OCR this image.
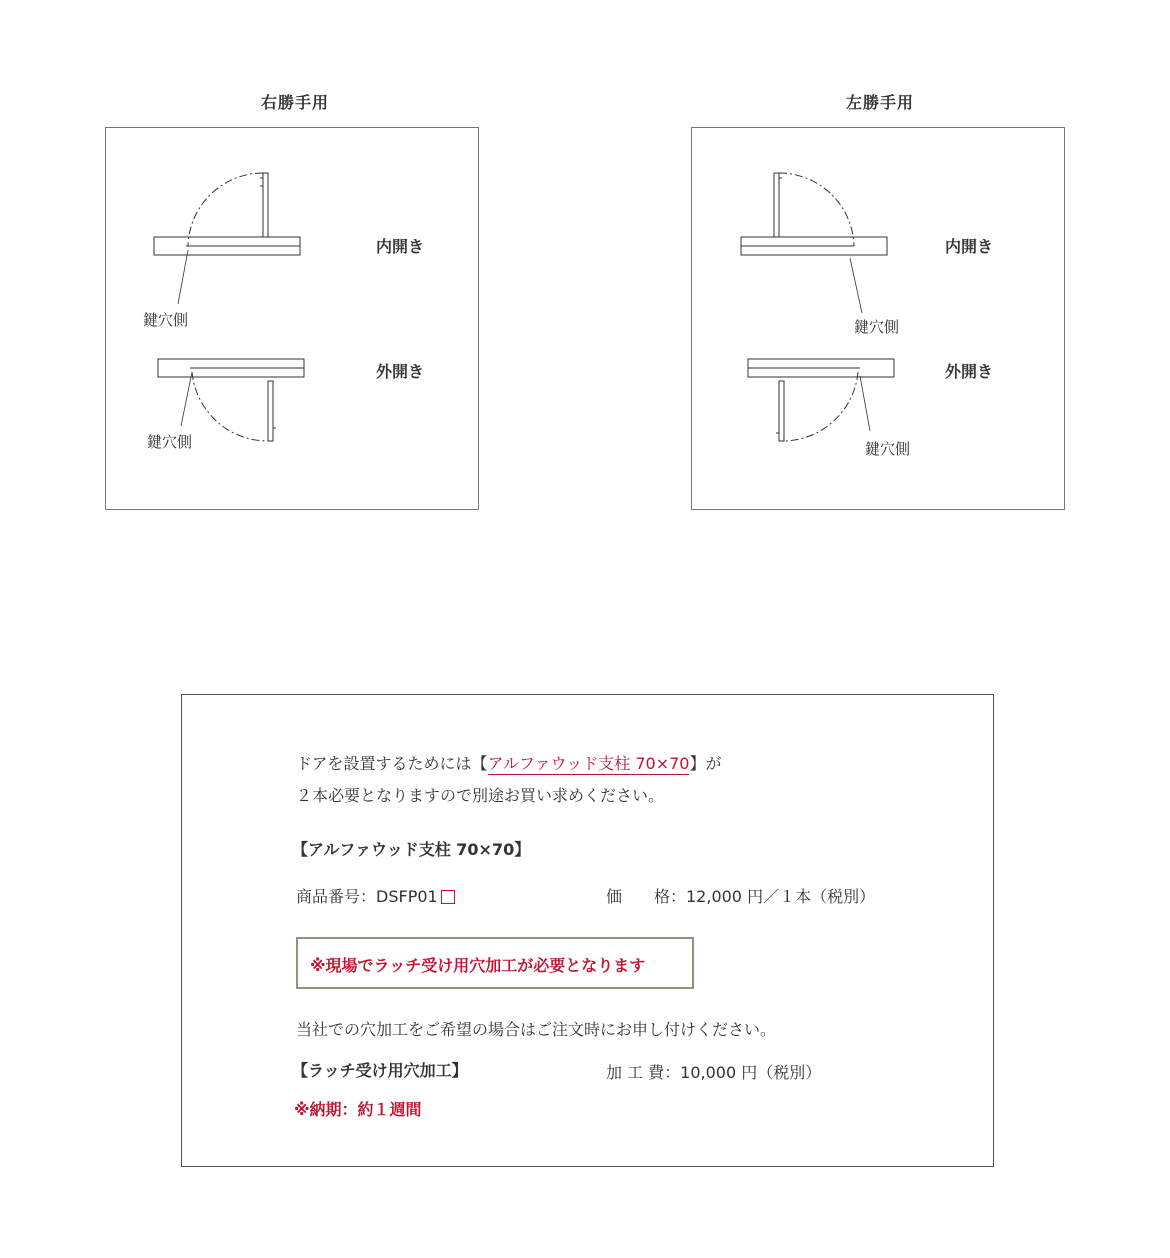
右勝手用
内開き
外開き
鍵穴側
鍵穴側
左勝手用
内開き
外開き
鍵穴側
鍵穴側
ドアを設置するためには【アルファウッド支柱 70×70】が
２本必要となりますので別途お買い求めください。
【アルファウッド支柱 70×70】
商品番号：DSFP01	価　　格：12,000 円／１本（税別）
※現場でラッチ受け用穴加工が必要となります
当社での穴加工をご希望の場合はご注文時にお申し付けください。
【ラッチ受け用穴加工】	加 工 費：10,000 円（税別）
※納期：約１週間
